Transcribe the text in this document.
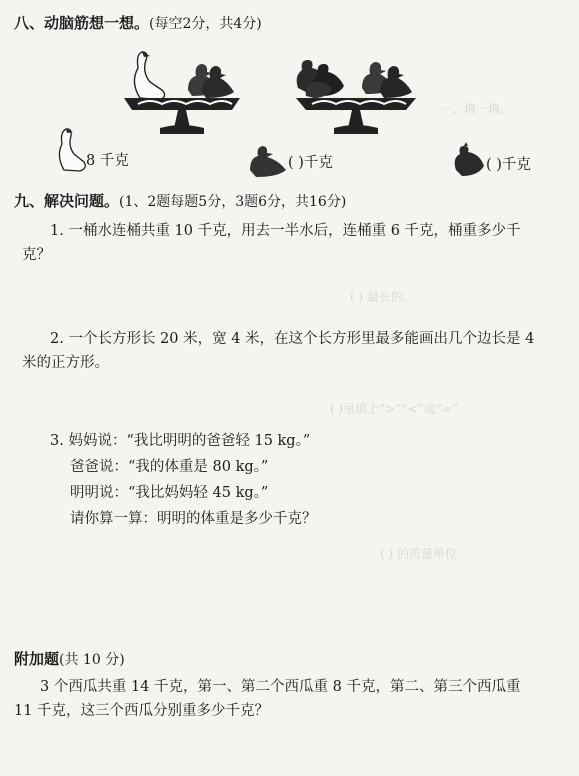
一、填一填。
( ) 最长的。
( )里填上“>”“<”或“=”
( ) 的质量单位
八、动脑筋想一想。(每空2分，共4分)
8 千克	( )千克	( )千克
九、解决问题。(1、2题每题5分，3题6分，共16分)
1. 一桶水连桶共重 10 千克，用去一半水后，连桶重 6 千克，桶重多少千
克？
2. 一个长方形长 20 米，宽 4 米，在这个长方形里最多能画出几个边长是 4
米的正方形。
3. 妈妈说：“我比明明的爸爸轻 15 kg。”
爸爸说：“我的体重是 80 kg。”
明明说：“我比妈妈轻 45 kg。”
请你算一算：明明的体重是多少千克？
附加题(共 10 分)
3 个西瓜共重 14 千克，第一、第二个西瓜重 8 千克，第二、第三个西瓜重
11 千克，这三个西瓜分别重多少千克？
